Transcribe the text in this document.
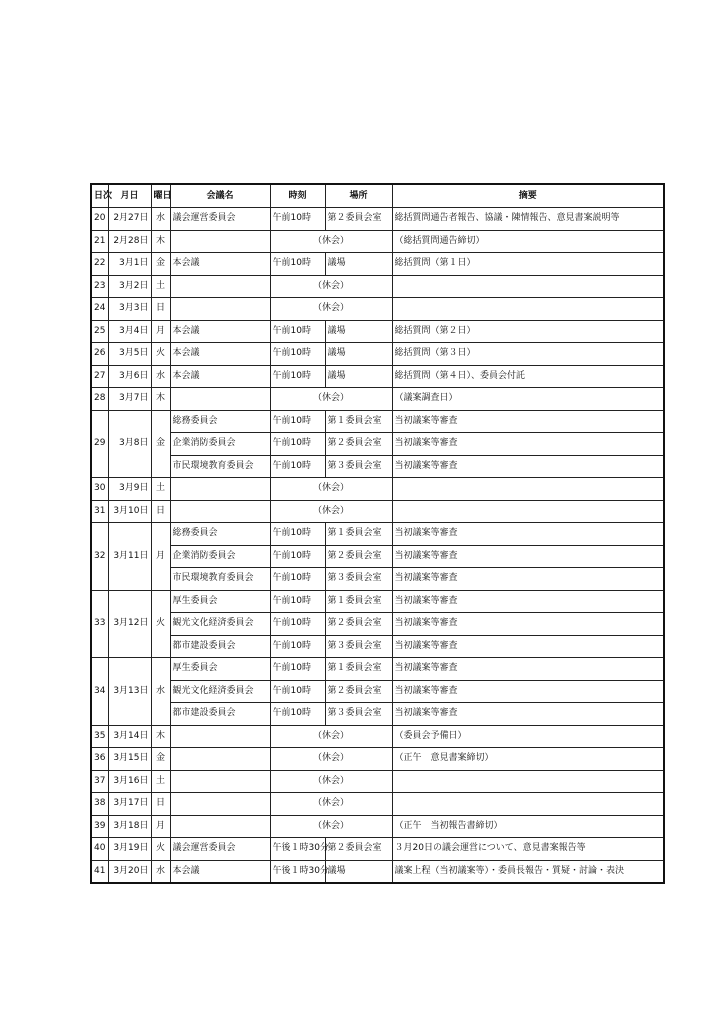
日次	月日	曜日	会議名	時刻	場所	摘要
20	2月27日	水	議会運営委員会	午前10時	第２委員会室	総括質問通告者報告、協議・陳情報告、意見書案説明等
21	2月28日	木		（休会）		（総括質問通告締切）
22	3月1日	金	本会議	午前10時	議場	総括質問（第１日）
23	3月2日	土		（休会）		
24	3月3日	日		（休会）		
25	3月4日	月	本会議	午前10時	議場	総括質問（第２日）
26	3月5日	火	本会議	午前10時	議場	総括質問（第３日）
27	3月6日	水	本会議	午前10時	議場	総括質問（第４日）、委員会付託
28	3月7日	木		（休会）		（議案調査日）
29	3月8日	金	総務委員会	午前10時	第１委員会室	当初議案等審査
			企業消防委員会	午前10時	第２委員会室	当初議案等審査
			市民環境教育委員会	午前10時	第３委員会室	当初議案等審査
30	3月9日	土		（休会）		
31	3月10日	日		（休会）		
32	3月11日	月	総務委員会	午前10時	第１委員会室	当初議案等審査
			企業消防委員会	午前10時	第２委員会室	当初議案等審査
			市民環境教育委員会	午前10時	第３委員会室	当初議案等審査
33	3月12日	火	厚生委員会	午前10時	第１委員会室	当初議案等審査
			観光文化経済委員会	午前10時	第２委員会室	当初議案等審査
			都市建設委員会	午前10時	第３委員会室	当初議案等審査
34	3月13日	水	厚生委員会	午前10時	第１委員会室	当初議案等審査
			観光文化経済委員会	午前10時	第２委員会室	当初議案等審査
			都市建設委員会	午前10時	第３委員会室	当初議案等審査
35	3月14日	木		（休会）		（委員会予備日）
36	3月15日	金		（休会）		（正午　意見書案締切）
37	3月16日	土		（休会）		
38	3月17日	日		（休会）		
39	3月18日	月		（休会）		（正午　当初報告書締切）
40	3月19日	火	議会運営委員会	午後１時30分	第２委員会室	３月20日の議会運営について、意見書案報告等
41	3月20日	水	本会議	午後１時30分	議場	議案上程（当初議案等）・委員長報告・質疑・討論・表決
